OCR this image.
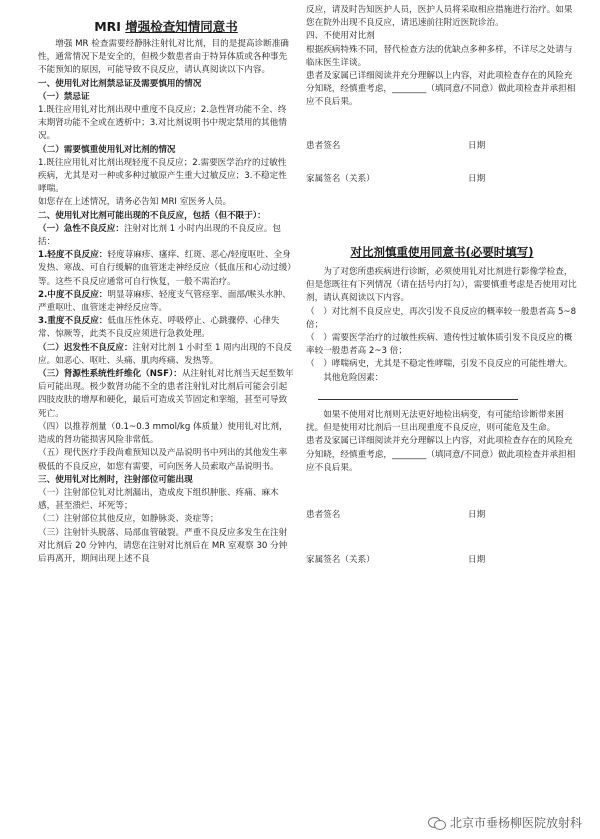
MRI 增强检查知情同意书

增强 MR 检查需要经静脉注射钆对比剂，目的是提高诊断准确性，通常情况下是安全的，但极少数患者由于特异体质或各种事先不能预知的原因，可能导致不良反应，请认真阅读以下内容。

一、使用钆对比剂禁忌证及需要慎用的情况

（一）禁忌证

1.既往应用钆对比剂出现中重度不良反应；2.急性肾功能不全、终末期肾功能不全或在透析中；3.对比剂说明书中规定禁用的其他情况。

（二）需要慎重使用钆对比剂的情况

1.既往应用钆对比剂出现轻度不良反应；2.需要医学治疗的过敏性疾病，尤其是对一种或多种过敏原产生重大过敏反应；3.不稳定性哮喘。

如您存在上述情况，请务必告知 MRI 室医务人员。

二、使用钆对比剂可能出现的不良反应，包括（但不限于）：

（一）急性不良反应：注射对比剂 1 小时内出现的不良反应。包括：

1.轻度不良反应：轻度荨麻疹、瘙痒、红斑、恶心/轻度呕吐、全身发热、寒战、可自行缓解的血管迷走神经反应（低血压和心动过缓）等。这些不良反应通常可自行恢复，一般不需治疗。

2.中度不良反应：明显荨麻疹、轻度支气管痉挛、面部/喉头水肿、严重呕吐、血管迷走神经反应等。

3.重度不良反应：低血压性休克、呼吸停止、心跳骤停、心律失常、惊厥等，此类不良反应须进行急救处理。

（二）迟发性不良反应：注射对比剂 1 小时至 1 周内出现的不良反应。如恶心、呕吐、头痛、肌肉疼痛、发热等。

（三）肾源性系统性纤维化（NSF）：从注射钆对比剂当天起至数年后可能出现。极少数肾功能不全的患者注射钆对比剂后可能会引起四肢皮肤的增厚和硬化，最后可造成关节固定和挛缩，甚至可导致死亡。

（四）以推荐剂量（0.1~0.3 mmol/kg 体质量）使用钆对比剂，造成的肾功能损害风险非常低。

（五）现代医疗手段尚难预知以及产品说明书中列出的其他发生率极低的不良反应，如您有需要，可向医务人员索取产品说明书。

三、使用钆对比剂时，注射部位可能出现

（一）注射部位钆对比剂漏出，造成皮下组织肿胀、疼痛、麻木感，甚至溃烂、坏死等；

（二）注射部位其他反应，如静脉炎、炎症等；

（三）注射针头脱落、局部血管破裂。严重不良反应多发生在注射对比剂后 20 分钟内，请您在注射对比剂后在 MR 室观察 30 分钟后再离开，期间出现上述不良

反应，请及时告知医护人员，医护人员将采取相应措施进行治疗。如果您在院外出现不良反应，请迅速前往附近医院诊治。

四、不使用对比剂

根据疾病特殊不同，替代检查方法的优缺点多种多样，不详尽之处请与临床医生详谈。

患者及家属已详细阅读并充分理解以上内容，对此项检查存在的风险充分知晓，经慎重考虑，________（填同意/不同意）做此项检查并承担相应不良后果。

患者签名	日期
家属签名（关系）	日期

对比剂慎重使用同意书(必要时填写)

为了对您所患疾病进行诊断，必须使用钆对比剂进行影像学检查，但是您既往有下列情况（请在括号内打勾），需要慎重考虑是否使用对比剂，请认真阅读以下内容。

（　）对比剂不良反应史，再次引发不良反应的概率较一般患者高 5~8 倍；

（　）需要医学治疗的过敏性疾病、遗传性过敏体质引发不良反应的概率较一般患者高 2~3 倍；

（　）哮喘病史，尤其是不稳定性哮喘，引发不良反应的可能性增大。

其他危险因素：

如果不使用对比剂则无法更好地检出病变，有可能给诊断带来困扰。但是使用对比剂后一旦出现重度不良反应，则可能危及生命。

患者及家属已详细阅读并充分理解以上内容，对此项检查存在的风险充分知晓，经慎重考虑，________（填同意/不同意）做此项检查并承担相应不良后果。

患者签名	日期
家属签名（关系）	日期
北京市垂杨柳医院放射科
